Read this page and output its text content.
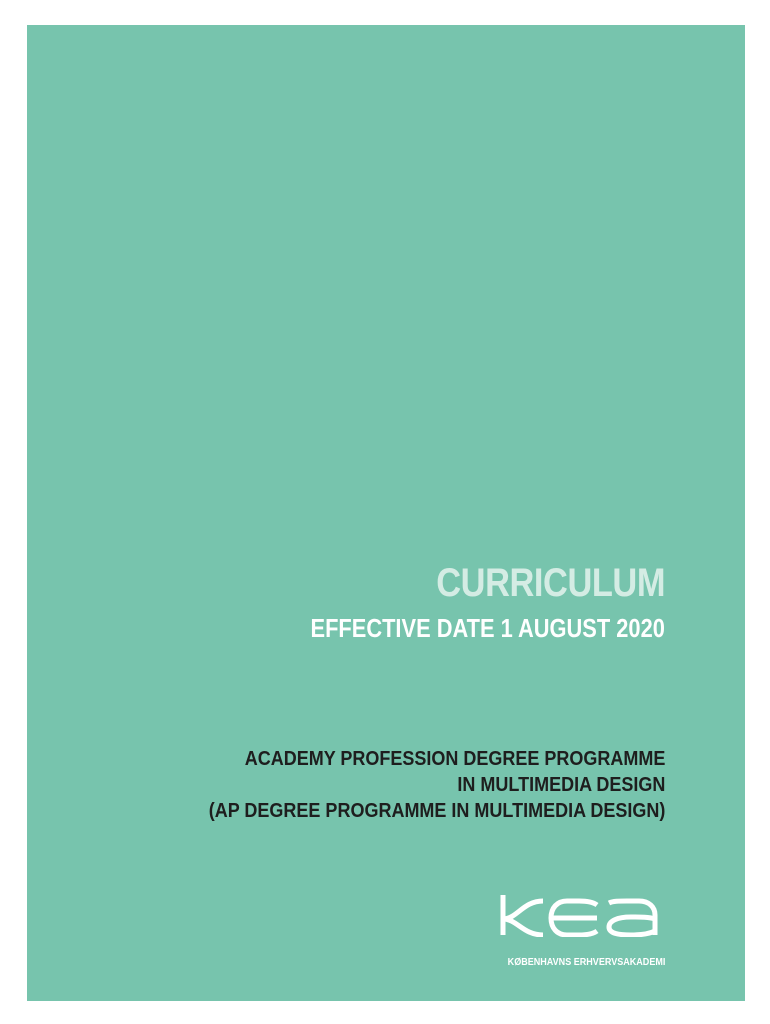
CURRICULUM
EFFECTIVE DATE 1 AUGUST 2020
ACADEMY PROFESSION DEGREE PROGRAMME
IN MULTIMEDIA DESIGN
(AP DEGREE PROGRAMME IN MULTIMEDIA DESIGN)
KØBENHAVNS ERHVERVSAKADEMI
